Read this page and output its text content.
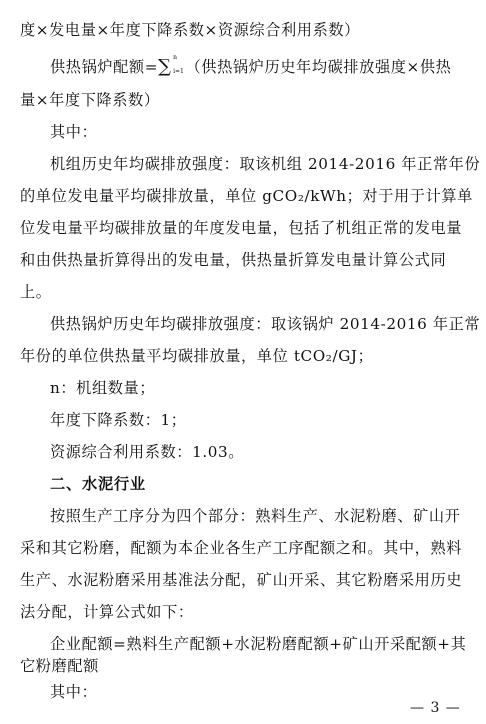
度×发电量×年度下降系数×资源综合利用系数）
供热锅炉配额=∑ n
i=1 （供热锅炉历史年均碳排放强度×供热
量×年度下降系数）
其中：
机组历史年均碳排放强度：取该机组 2014-2016 年正常年份
的单位发电量平均碳排放量，单位 gCO₂/kWh；对于用于计算单
位发电量平均碳排放量的年度发电量，包括了机组正常的发电量
和由供热量折算得出的发电量，供热量折算发电量计算公式同
上。
供热锅炉历史年均碳排放强度：取该锅炉 2014-2016 年正常
年份的单位供热量平均碳排放量，单位 tCO₂/GJ；
n：机组数量；
年度下降系数：1；
资源综合利用系数：1.03。
二、水泥行业
按照生产工序分为四个部分：熟料生产、水泥粉磨、矿山开
采和其它粉磨，配额为本企业各生产工序配额之和。其中，熟料
生产、水泥粉磨采用基准法分配，矿山开采、其它粉磨采用历史
法分配，计算公式如下：
企业配额=熟料生产配额+水泥粉磨配额+矿山开采配额+其
它粉磨配额
其中：
— 3 —
